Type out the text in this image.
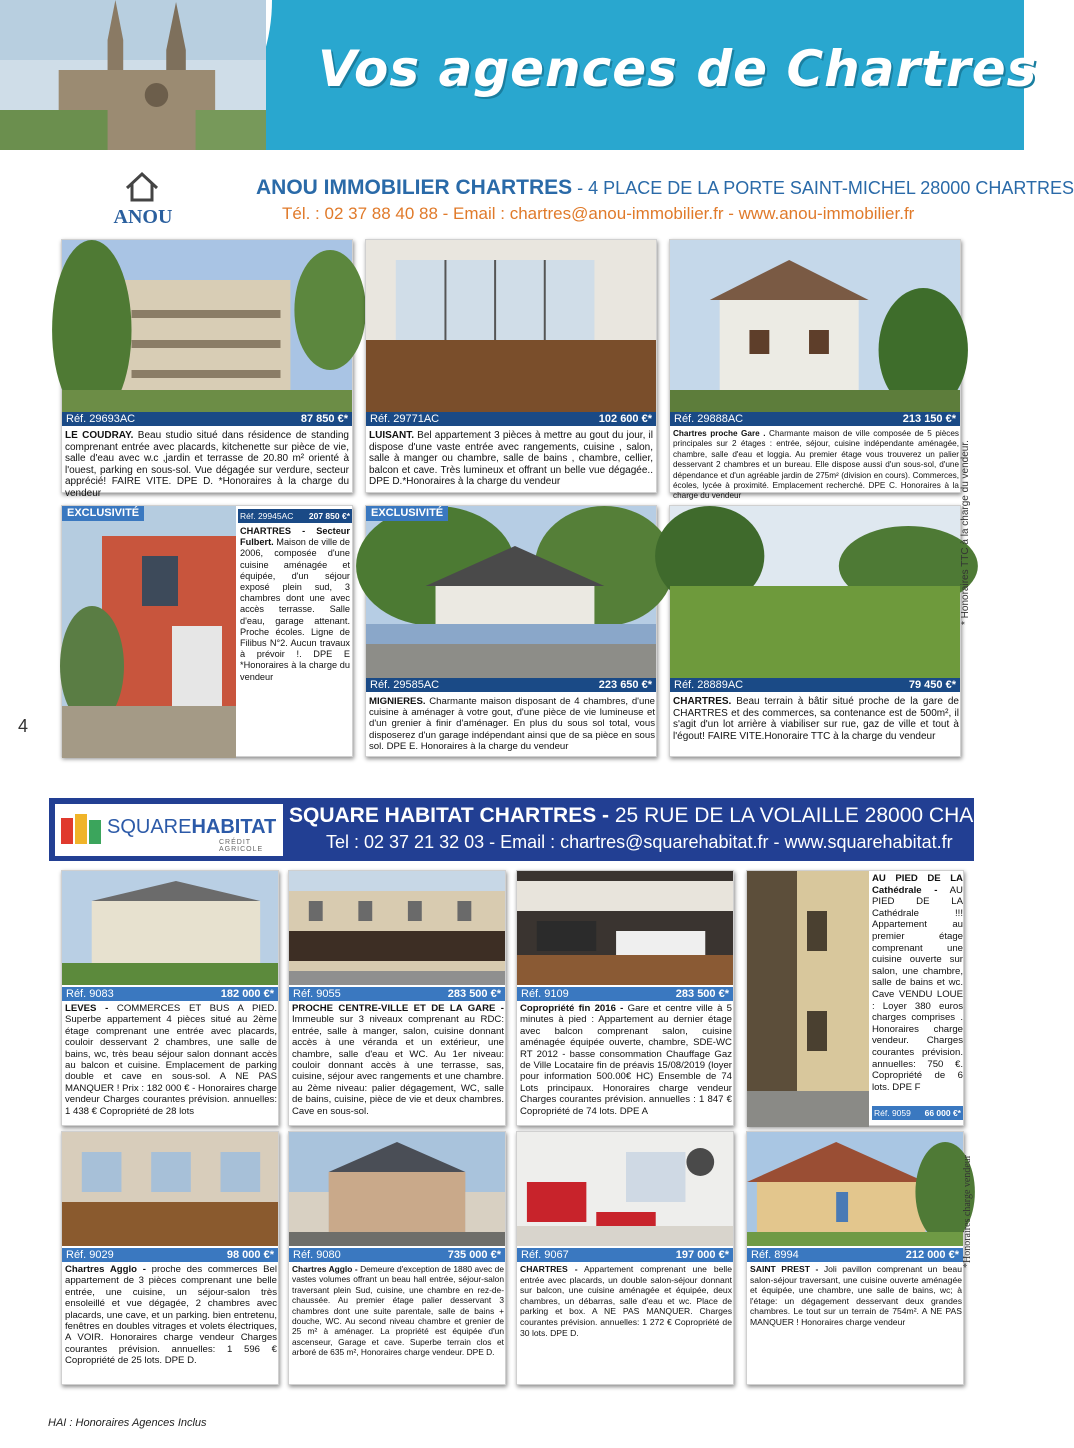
Vos agences de Chartres
ANOU
ANOU IMMOBILIER CHARTRES - 4 PLACE DE LA PORTE SAINT-MICHEL 28000 CHARTRES
Tél. : 02 37 88 40 88 - Email : chartres@anou-immobilier.fr - www.anou-immobilier.fr
Réf. 29693AC	87 850 €*
LE COUDRAY. Beau studio situé dans résidence de standing comprenant entrée avec placards, kitchenette sur pièce de vie, salle d'eau avec w.c ,jardin et terrasse de 20.80 m² orienté à l'ouest, parking en sous-sol. Vue dégagée sur verdure, secteur apprécié! FAIRE VITE. DPE D. *Honoraires à la charge du vendeur
Réf. 29771AC	102 600 €*
LUISANT. Bel appartement 3 pièces à mettre au gout du jour, il dispose d'une vaste entrée avec rangements, cuisine , salon, salle à manger ou chambre, salle de bains , chambre, cellier, balcon et cave. Très lumineux et offrant un belle vue dégagée.. DPE D.*Honoraires à la charge du vendeur
Réf. 29888AC	213 150 €*
Chartres proche Gare . Charmante maison de ville composée de 5 pièces principales sur 2 étages : entrée, séjour, cuisine indépendante aménagée, chambre, salle d'eau et loggia. Au premier étage vous trouverez un palier desservant 2 chambres et un bureau. Elle dispose aussi d'un sous-sol, d'une dépendance et d'un agréable jardin de 275m² (division en cours). Commerces, écoles, lycée à proximité. Emplacement recherché. DPE C. Honoraires à la charge du vendeur
EXCLUSIVITÉ	Réf. 29945AC 207 850 €*
CHARTRES - Secteur Fulbert. Maison de ville de 2006, composée d'une cuisine aménagée et équipée, d'un séjour exposé plein sud, 3 chambres dont une avec accès terrasse. Salle d'eau, garage attenant. Proche écoles. Ligne de Filibus N°2. Aucun travaux à prévoir !. DPE E *Honoraires à la charge du vendeur
EXCLUSIVITÉ
Réf. 29585AC	223 650 €*
MIGNIERES. Charmante maison disposant de 4 chambres, d'une cuisine à aménager à votre gout, d'une pièce de vie lumineuse et d'un grenier à finir d'aménager. En plus du sous sol total, vous disposerez d'un garage indépendant ainsi que de sa pièce en sous sol. DPE E. Honoraires à la charge du vendeur
Réf. 28889AC	79 450 €*
CHARTRES. Beau terrain à bâtir situé proche de la gare de CHARTRES et des commerces, sa contenance est de 500m², il s'agit d'un lot arrière à viabiliser sur rue, gaz de ville et tout à l'égout! FAIRE VITE.Honoraire TTC à la charge du vendeur
* Honoraires TTC à la charge du vendeur.
4
SQUAREHABITAT
CRÉDIT AGRICOLE
SQUARE HABITAT CHARTRES - 25 RUE DE LA VOLAILLE 28000 CHARTRES
Tel : 02 37 21 32 03 - Email : chartres@squarehabitat.fr - www.squarehabitat.fr
Réf. 9083	182 000 €*
LEVES - COMMERCES ET BUS A PIED. Superbe appartement 4 pièces situé au 2ème étage comprenant une entrée avec placards, couloir desservant 2 chambres, une salle de bains, wc, très beau séjour salon donnant accès au balcon et cuisine. Emplacement de parking double et cave en sous-sol. A NE PAS MANQUER ! Prix : 182 000 € - Honoraires charge vendeur Charges courantes prévision. annuelles: 1 438 € Copropriété de 28 lots
Réf. 9055	283 500 €*
PROCHE CENTRE-VILLE ET DE LA GARE - Immeuble sur 3 niveaux comprenant au RDC: entrée, salle à manger, salon, cuisine donnant accès à une véranda et un extérieur, une chambre, salle d'eau et WC. Au 1er niveau: couloir donnant accès à une terrasse, sas, cuisine, séjour avec rangements et une chambre. au 2ème niveau: palier dégagement, WC, salle de bains, cuisine, pièce de vie et deux chambres. Cave en sous-sol.
Réf. 9109	283 500 €*
Copropriété fin 2016 - Gare et centre ville à 5 minutes à pied : Appartement au dernier étage avec balcon comprenant salon, cuisine aménagée équipée ouverte, chambre, SDE-WC RT 2012 - basse consommation Chauffage Gaz de Ville Locataire fin de préavis 15/08/2019 (loyer pour information 500.00€ HC) Ensemble de 74 Lots principaux. Honoraires charge vendeur Charges courantes prévision. annuelles : 1 847 € Copropriété de 74 lots. DPE A
AU PIED DE LA Cathédrale - AU PIED DE LA Cathédrale !!! Appartement au premier étage comprenant une cuisine ouverte sur salon, une chambre, salle de bains et wc. Cave VENDU LOUE : Loyer 380 euros charges comprises . Honoraires charge vendeur. Charges courantes prévision. annuelles: 750 €. Copropriété de 6 lots. DPE F
Réf. 9059 66 000 €*
Réf. 9029	98 000 €*
Chartres Agglo - proche des commerces Bel appartement de 3 pièces comprenant une belle entrée, une cuisine, un séjour-salon très ensoleillé et vue dégagée, 2 chambres avec placards, une cave, et un parking. bien entretenu, fenêtres en doubles vitrages et volets électriques, A VOIR. Honoraires charge vendeur Charges courantes prévision. annuelles: 1 596 € Copropriété de 25 lots. DPE D.
Réf. 9080	735 000 €*
Chartres Agglo - Demeure d'exception de 1880 avec de vastes volumes offrant un beau hall entrée, séjour-salon traversant plein Sud, cuisine, une chambre en rez-de-chaussée. Au premier étage palier desservant 3 chambres dont une suite parentale, salle de bains + douche, WC. Au second niveau chambre et grenier de 25 m² à aménager. La propriété est équipée d'un ascenseur, Garage et cave. Superbe terrain clos et arboré de 635 m², Honoraires charge vendeur. DPE D.
Réf. 9067	197 000 €*
CHARTRES - Appartement comprenant une belle entrée avec placards, un double salon-séjour donnant sur balcon, une cuisine aménagée et équipée, deux chambres, un débarras, salle d'eau et wc. Place de parking et box. A NE PAS MANQUER. Charges courantes prévision. annuelles: 1 272 € Copropriété de 30 lots. DPE D.
Réf. 8994	212 000 €*
SAINT PREST - Joli pavillon comprenant un beau salon-séjour traversant, une cuisine ouverte aménagée et équipée, une chambre, une salle de bains, wc; à l'étage: un dégagement desservant deux grandes chambres. Le tout sur un terrain de 754m². A NE PAS MANQUER ! Honoraires charge vendeur
*Honoraires charge vendeur
HAI : Honoraires Agences Inclus
